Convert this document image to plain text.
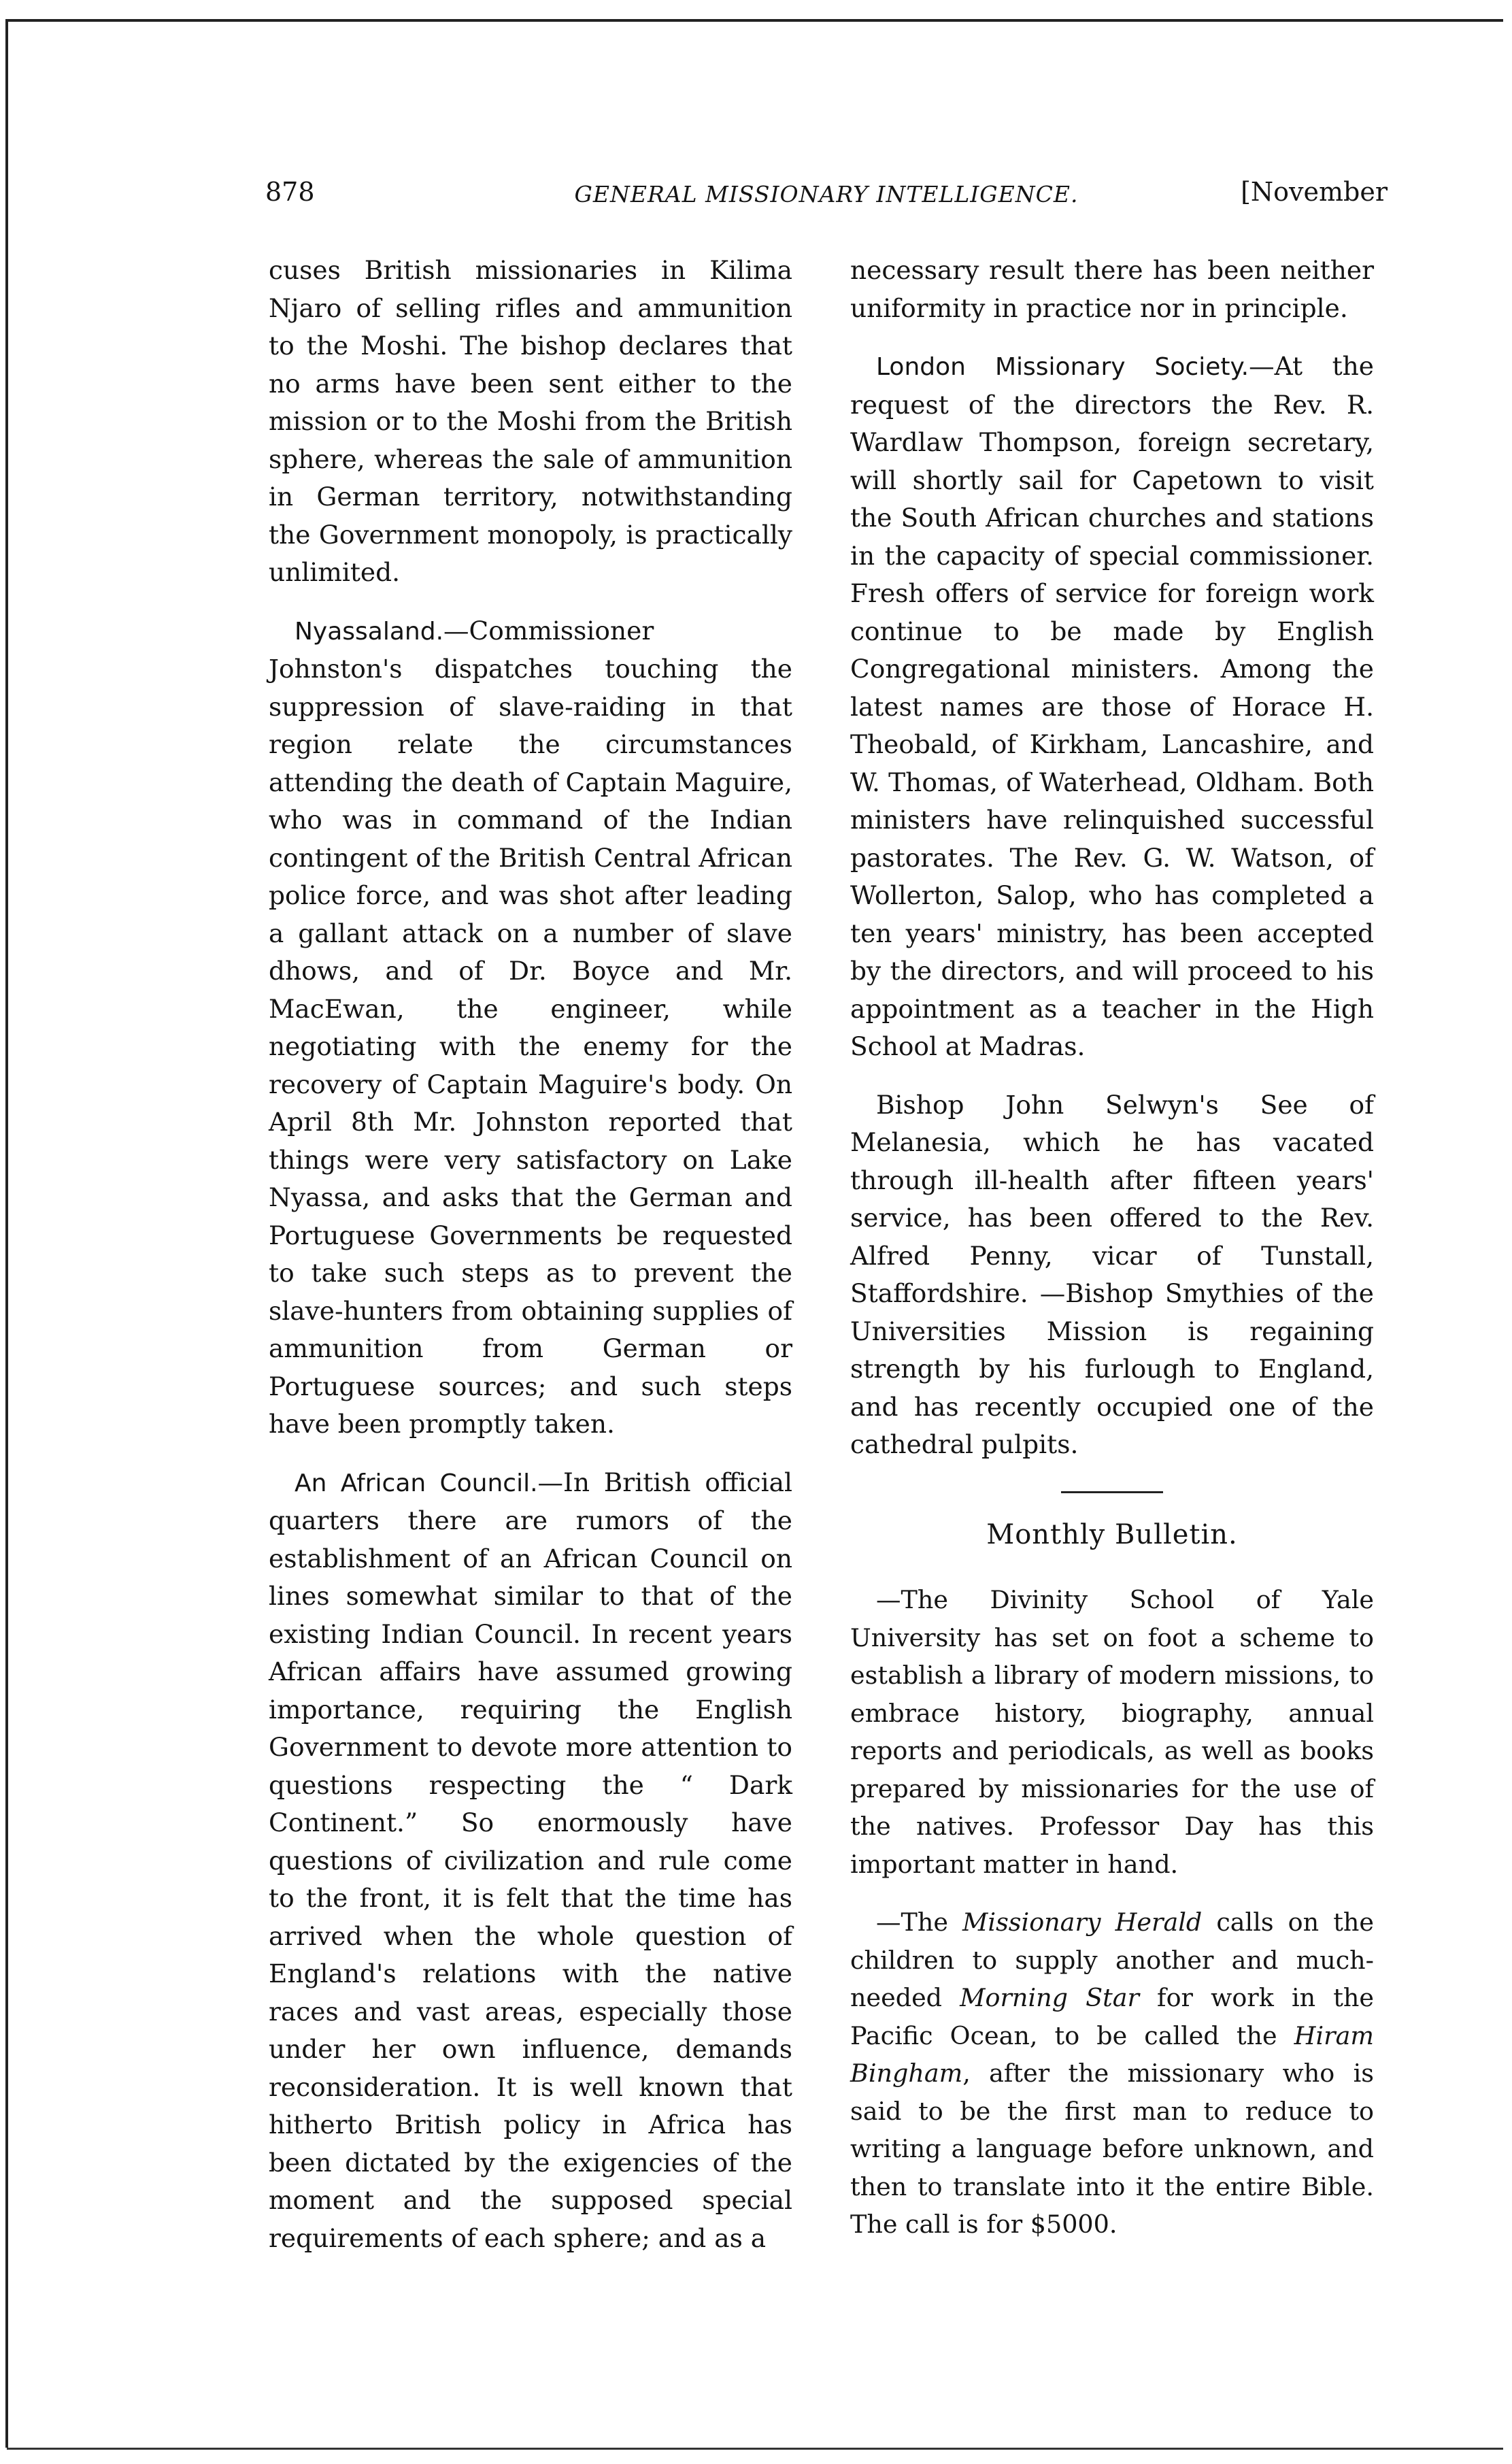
878	GENERAL MISSIONARY INTELLIGENCE.	[November

cuses British missionaries in Kilima Njaro of selling rifles and ammunition to the Moshi. The bishop declares that no arms have been sent either to the mission or to the Moshi from the British sphere, whereas the sale of ammunition in German territory, notwithstanding the Government monopoly, is practically unlimited.

Nyassaland.—Commissioner Johnston's dispatches touching the suppression of slave-raiding in that region relate the circumstances attending the death of Captain Maguire, who was in command of the Indian contingent of the British Central African police force, and was shot after leading a gallant attack on a number of slave dhows, and of Dr. Boyce and Mr. MacEwan, the engineer, while negotiating with the enemy for the recovery of Captain Maguire's body. On April 8th Mr. Johnston reported that things were very satisfactory on Lake Nyassa, and asks that the German and Portuguese Governments be requested to take such steps as to prevent the slave-hunters from obtaining supplies of ammunition from German or Portuguese sources; and such steps have been promptly taken.

An African Council.—In British official quarters there are rumors of the establishment of an African Council on lines somewhat similar to that of the existing Indian Council. In recent years African affairs have assumed growing importance, requiring the English Government to devote more attention to questions respecting the “ Dark Continent.” So enormously have questions of civilization and rule come to the front, it is felt that the time has arrived when the whole question of England's relations with the native races and vast areas, especially those under her own influence, demands reconsideration. It is well known that hitherto British policy in Africa has been dictated by the exigencies of the moment and the supposed special requirements of each sphere; and as a

necessary result there has been neither uniformity in practice nor in principle.

London Missionary Society.—At the request of the directors the Rev. R. Wardlaw Thompson, foreign secretary, will shortly sail for Capetown to visit the South African churches and stations in the capacity of special commissioner. Fresh offers of service for foreign work continue to be made by English Congregational ministers. Among the latest names are those of Horace H. Theobald, of Kirkham, Lancashire, and W. Thomas, of Waterhead, Oldham. Both ministers have relinquished successful pastorates. The Rev. G. W. Watson, of Wollerton, Salop, who has completed a ten years' ministry, has been accepted by the directors, and will proceed to his appointment as a teacher in the High School at Madras.

Bishop John Selwyn's See of Melanesia, which he has vacated through ill-health after fifteen years' service, has been offered to the Rev. Alfred Penny, vicar of Tunstall, Staffordshire. —Bishop Smythies of the Universities Mission is regaining strength by his furlough to England, and has recently occupied one of the cathedral pulpits.

Monthly Bulletin.

—The Divinity School of Yale University has set on foot a scheme to establish a library of modern missions, to embrace history, biography, annual reports and periodicals, as well as books prepared by missionaries for the use of the natives. Professor Day has this important matter in hand.

—The Missionary Herald calls on the children to supply another and much-needed Morning Star for work in the Pacific Ocean, to be called the Hiram Bingham, after the missionary who is said to be the first man to reduce to writing a language before unknown, and then to translate into it the entire Bible. The call is for $5000.
